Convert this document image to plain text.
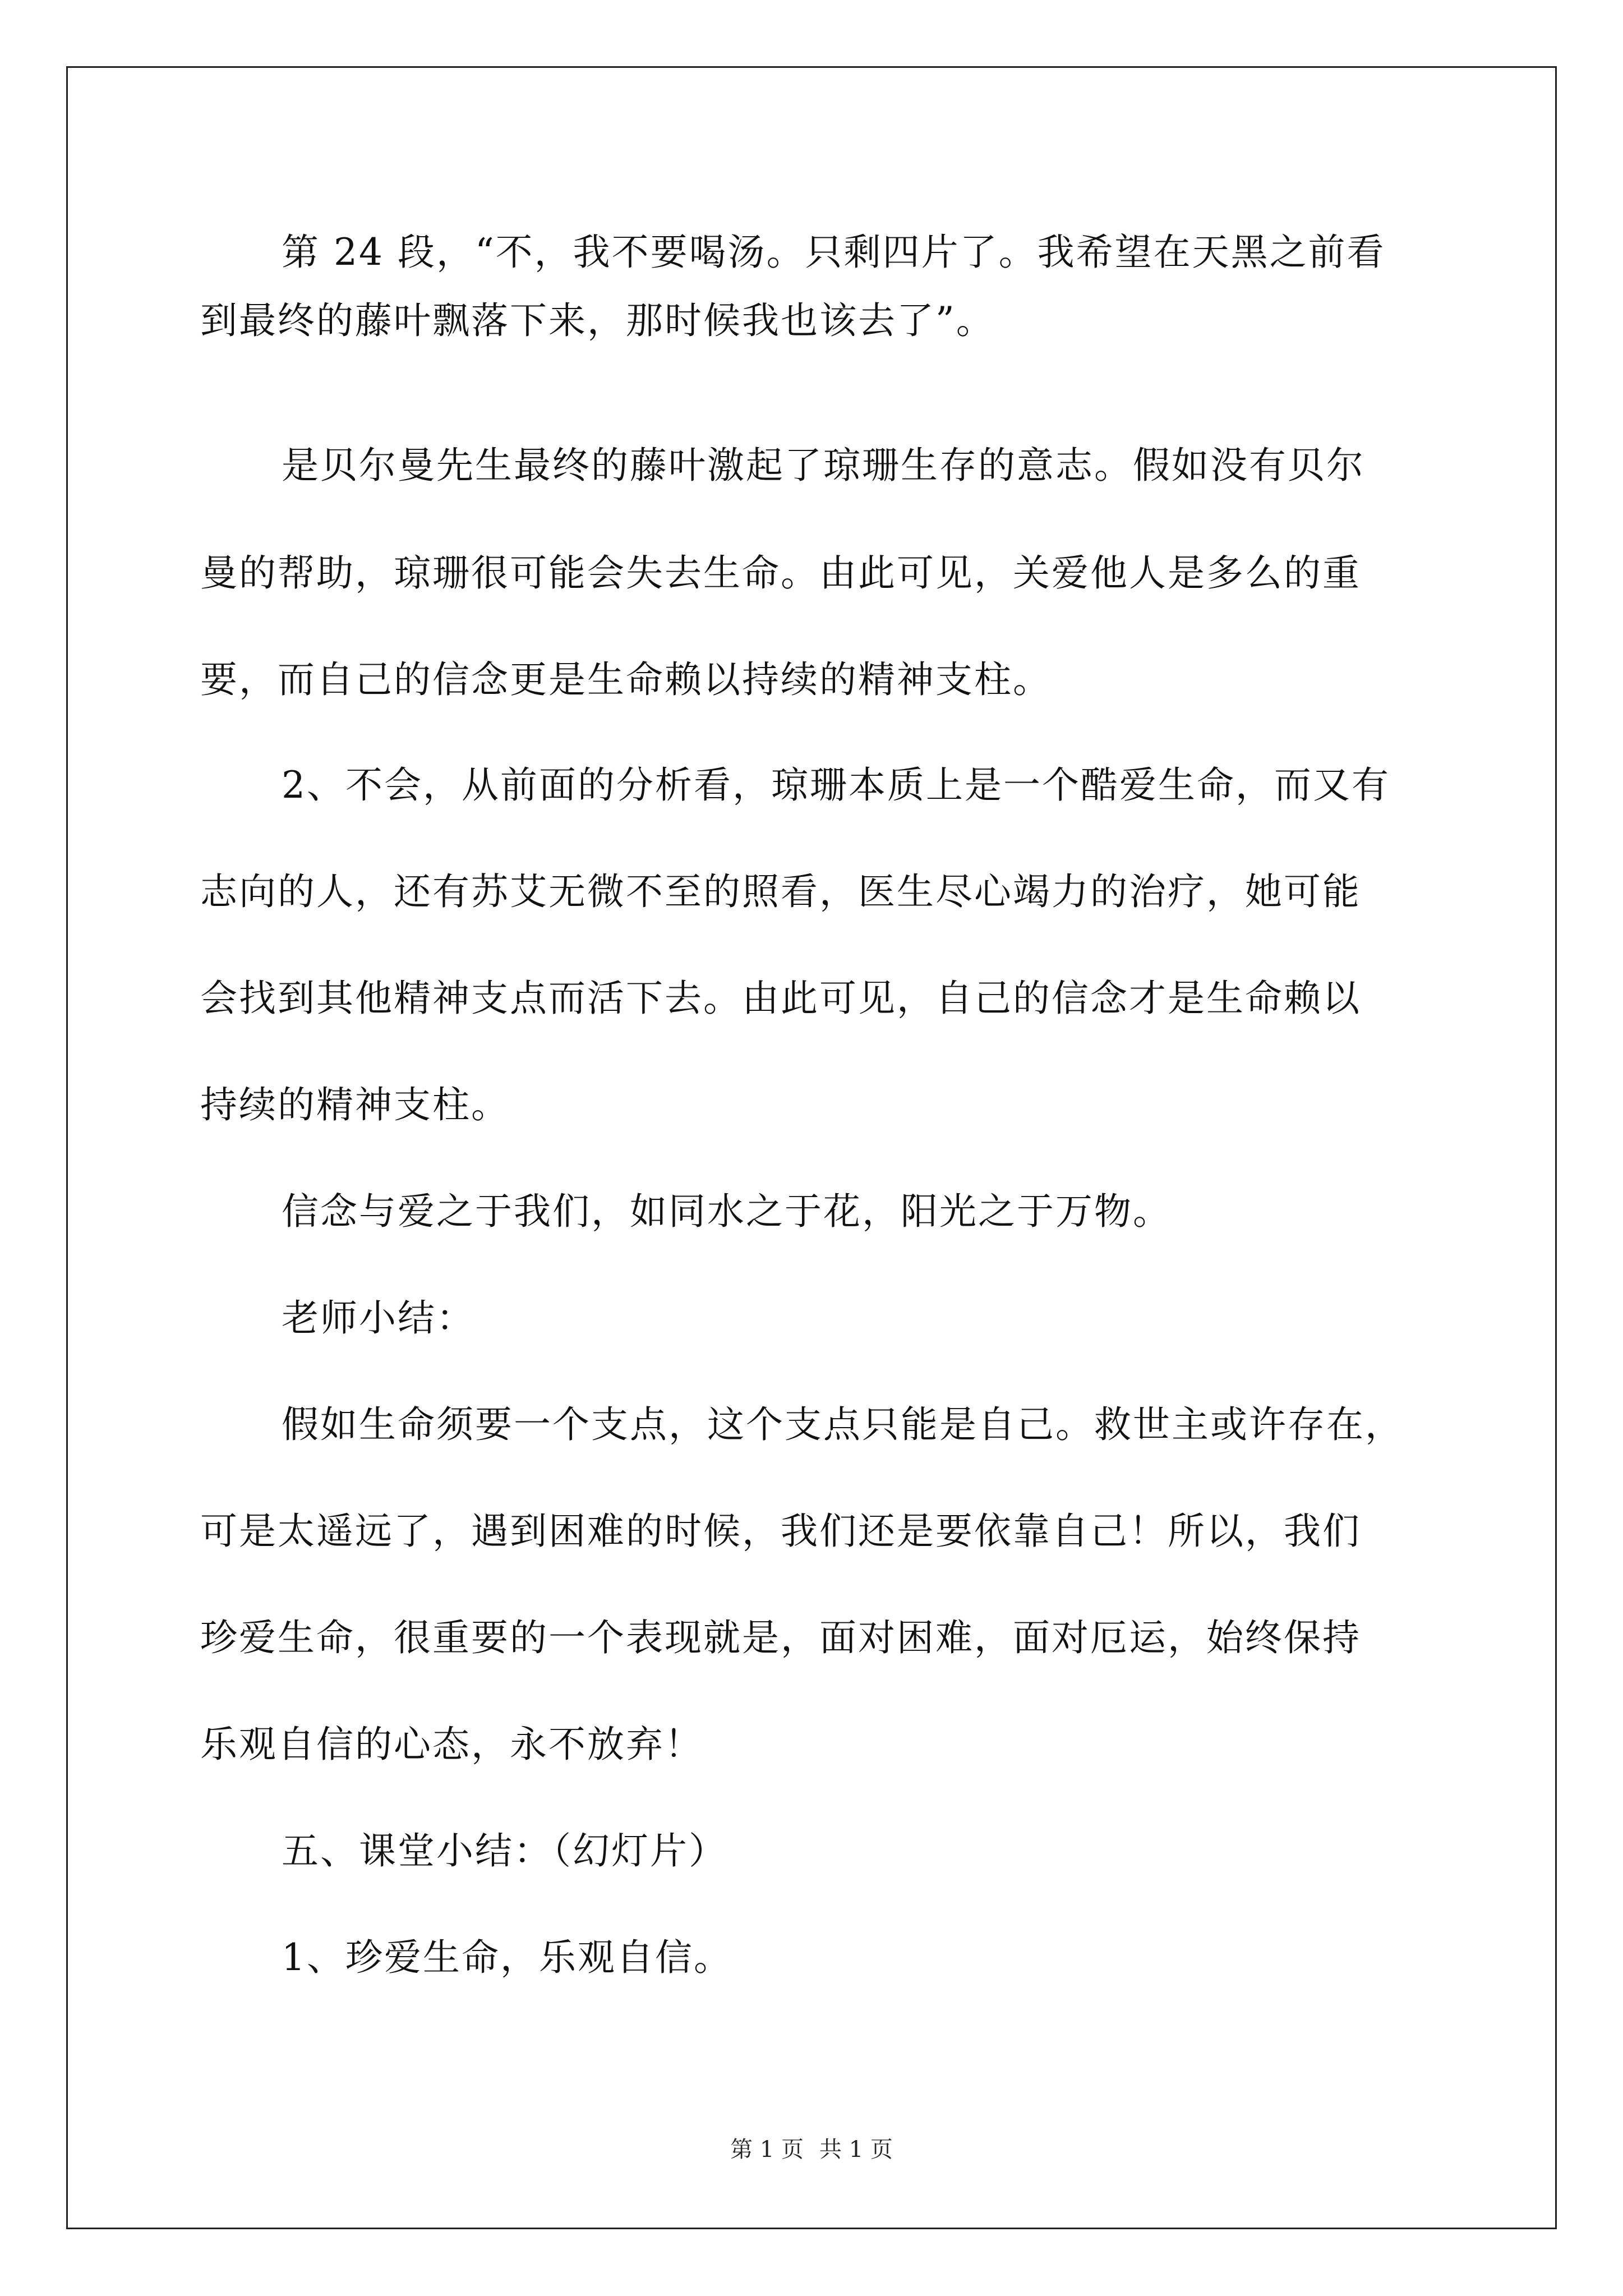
第 24 段，“不，我不要喝汤。只剩四片了。我希望在天黑之前看
到最终的藤叶飘落下来，那时候我也该去了”。
是贝尔曼先生最终的藤叶激起了琼珊生存的意志。假如没有贝尔
曼的帮助，琼珊很可能会失去生命。由此可见，关爱他人是多么的重
要，而自己的信念更是生命赖以持续的精神支柱。
2、不会，从前面的分析看，琼珊本质上是一个酷爱生命，而又有
志向的人，还有苏艾无微不至的照看，医生尽心竭力的治疗，她可能
会找到其他精神支点而活下去。由此可见，自己的信念才是生命赖以
持续的精神支柱。
信念与爱之于我们，如同水之于花，阳光之于万物。
老师小结：
假如生命须要一个支点，这个支点只能是自己。救世主或许存在，
可是太遥远了，遇到困难的时候，我们还是要依靠自己！所以，我们
珍爱生命，很重要的一个表现就是，面对困难，面对厄运，始终保持
乐观自信的心态，永不放弃！
五、课堂小结：（幻灯片）
1、珍爱生命，乐观自信。
第 1 页 共 1 页
